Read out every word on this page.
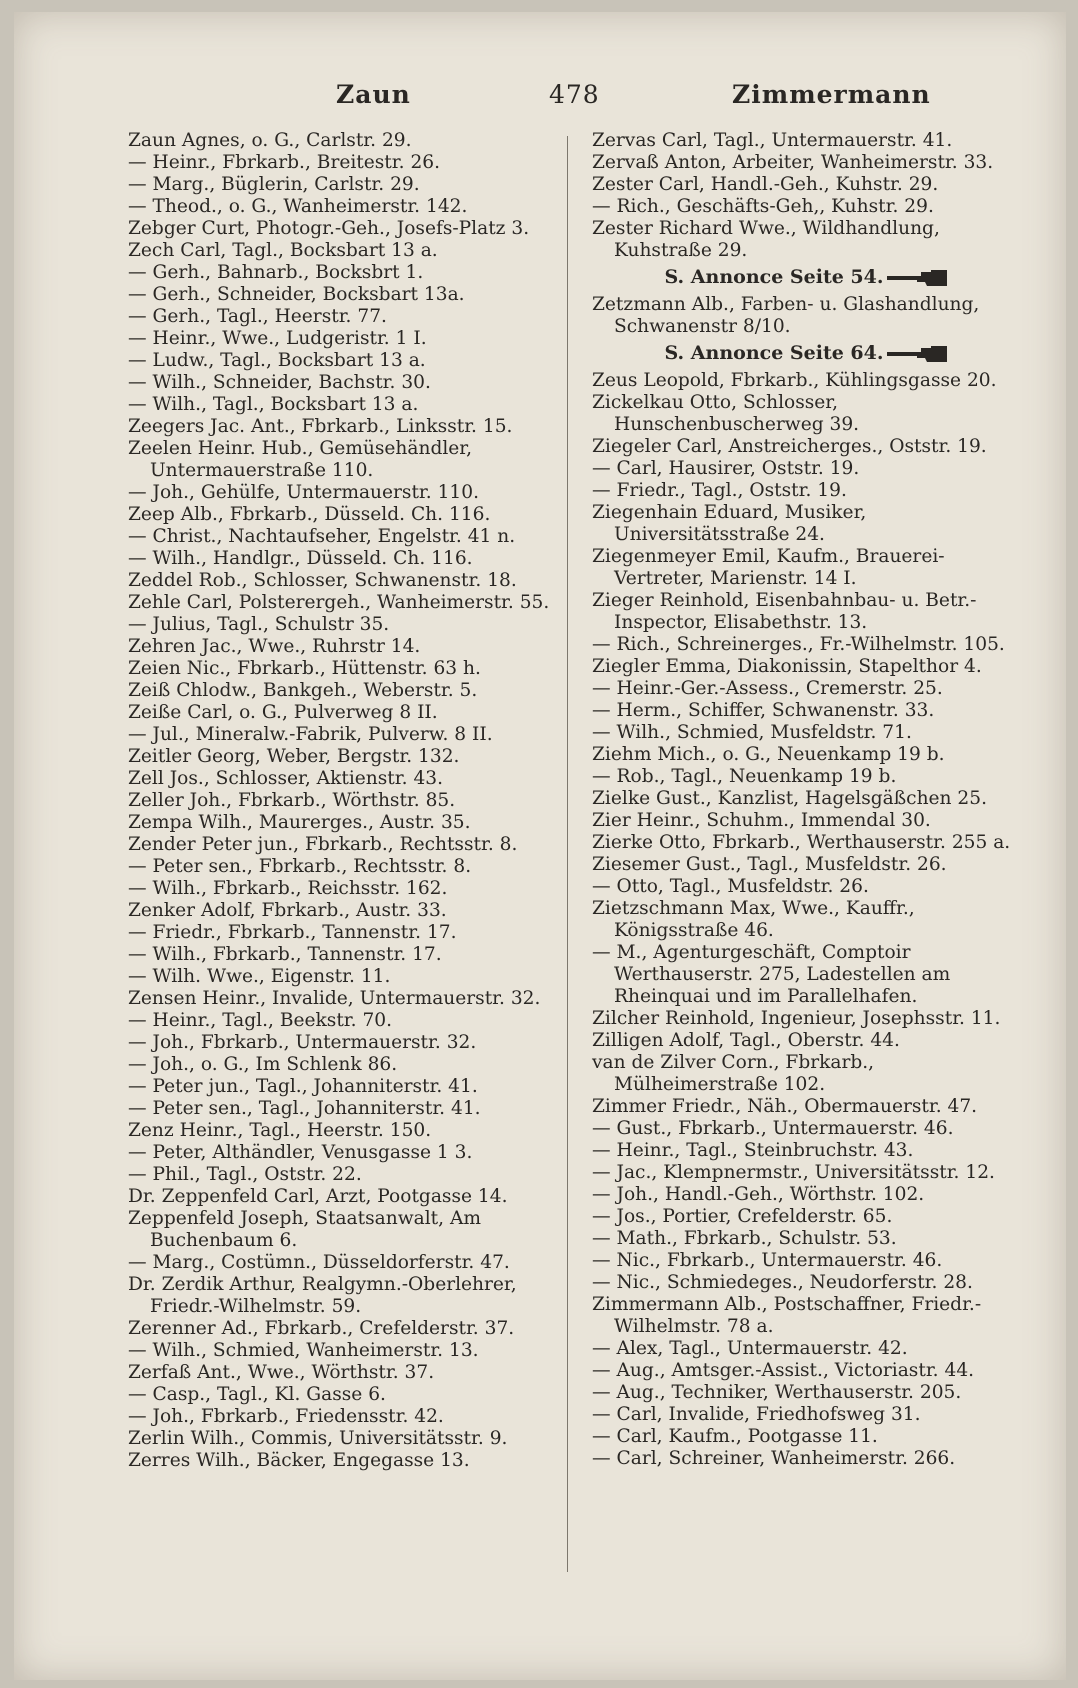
Zaun	478	Zimmermann
Zaun Agnes, o. G., Carlstr. 29.
— Heinr., Fbrkarb., Breitestr. 26.
— Marg., Büglerin, Carlstr. 29.
— Theod., o. G., Wanheimerstr. 142.
Zebger Curt, Photogr.-Geh., Josefs-Platz 3.
Zech Carl, Tagl., Bocksbart 13 a.
— Gerh., Bahnarb., Bocksbrt 1.
— Gerh., Schneider, Bocksbart 13a.
— Gerh., Tagl., Heerstr. 77.
— Heinr., Wwe., Ludgeristr. 1 I.
— Ludw., Tagl., Bocksbart 13 a.
— Wilh., Schneider, Bachstr. 30.
— Wilh., Tagl., Bocksbart 13 a.
Zeegers Jac. Ant., Fbrkarb., Linksstr. 15.
Zeelen Heinr. Hub., Gemüsehändler, Untermauerstraße 110.
— Joh., Gehülfe, Untermauerstr. 110.
Zeep Alb., Fbrkarb., Düsseld. Ch. 116.
— Christ., Nachtaufseher, Engelstr. 41 n.
— Wilh., Handlgr., Düsseld. Ch. 116.
Zeddel Rob., Schlosser, Schwanenstr. 18.
Zehle Carl, Polsterergeh., Wanheimerstr. 55.
— Julius, Tagl., Schulstr 35.
Zehren Jac., Wwe., Ruhrstr 14.
Zeien Nic., Fbrkarb., Hüttenstr. 63 h.
Zeiß Chlodw., Bankgeh., Weberstr. 5.
Zeiße Carl, o. G., Pulverweg 8 II.
— Jul., Mineralw.-Fabrik, Pulverw. 8 II.
Zeitler Georg, Weber, Bergstr. 132.
Zell Jos., Schlosser, Aktienstr. 43.
Zeller Joh., Fbrkarb., Wörthstr. 85.
Zempa Wilh., Maurerges., Austr. 35.
Zender Peter jun., Fbrkarb., Rechtsstr. 8.
— Peter sen., Fbrkarb., Rechtsstr. 8.
— Wilh., Fbrkarb., Reichsstr. 162.
Zenker Adolf, Fbrkarb., Austr. 33.
— Friedr., Fbrkarb., Tannenstr. 17.
— Wilh., Fbrkarb., Tannenstr. 17.
— Wilh. Wwe., Eigenstr. 11.
Zensen Heinr., Invalide, Untermauerstr. 32.
— Heinr., Tagl., Beekstr. 70.
— Joh., Fbrkarb., Untermauerstr. 32.
— Joh., o. G., Im Schlenk 86.
— Peter jun., Tagl., Johanniterstr. 41.
— Peter sen., Tagl., Johanniterstr. 41.
Zenz Heinr., Tagl., Heerstr. 150.
— Peter, Althändler, Venusgasse 1 3.
— Phil., Tagl., Oststr. 22.
Dr. Zeppenfeld Carl, Arzt, Pootgasse 14.
Zeppenfeld Joseph, Staatsanwalt, Am Buchenbaum 6.
— Marg., Costümn., Düsseldorferstr. 47.
Dr. Zerdik Arthur, Realgymn.-Oberlehrer, Friedr.-Wilhelmstr. 59.
Zerenner Ad., Fbrkarb., Crefelderstr. 37.
— Wilh., Schmied, Wanheimerstr. 13.
Zerfaß Ant., Wwe., Wörthstr. 37.
— Casp., Tagl., Kl. Gasse 6.
— Joh., Fbrkarb., Friedensstr. 42.
Zerlin Wilh., Commis, Universitätsstr. 9.
Zerres Wilh., Bäcker, Engegasse 13.
Zervas Carl, Tagl., Untermauerstr. 41.
Zervaß Anton, Arbeiter, Wanheimerstr. 33.
Zester Carl, Handl.-Geh., Kuhstr. 29.
— Rich., Geschäfts-Geh,, Kuhstr. 29.
Zester Richard Wwe., Wildhandlung, Kuhstraße 29.
S. Annonce Seite 54.
Zetzmann Alb., Farben- u. Glashandlung, Schwanenstr 8/10.
S. Annonce Seite 64.
Zeus Leopold, Fbrkarb., Kühlingsgasse 20.
Zickelkau Otto, Schlosser, Hunschenbuscherweg 39.
Ziegeler Carl, Anstreicherges., Oststr. 19.
— Carl, Hausirer, Oststr. 19.
— Friedr., Tagl., Oststr. 19.
Ziegenhain Eduard, Musiker, Universitätsstraße 24.
Ziegenmeyer Emil, Kaufm., Brauerei-Vertreter, Marienstr. 14 I.
Zieger Reinhold, Eisenbahnbau- u. Betr.-Inspector, Elisabethstr. 13.
— Rich., Schreinerges., Fr.-Wilhelmstr. 105.
Ziegler Emma, Diakonissin, Stapelthor 4.
— Heinr.-Ger.-Assess., Cremerstr. 25.
— Herm., Schiffer, Schwanenstr. 33.
— Wilh., Schmied, Musfeldstr. 71.
Ziehm Mich., o. G., Neuenkamp 19 b.
— Rob., Tagl., Neuenkamp 19 b.
Zielke Gust., Kanzlist, Hagelsgäßchen 25.
Zier Heinr., Schuhm., Immendal 30.
Zierke Otto, Fbrkarb., Werthauserstr. 255 a.
Ziesemer Gust., Tagl., Musfeldstr. 26.
— Otto, Tagl., Musfeldstr. 26.
Zietzschmann Max, Wwe., Kauffr., Königsstraße 46.
— M., Agenturgeschäft, Comptoir Werthauserstr. 275, Ladestellen am Rheinquai und im Parallelhafen.
Zilcher Reinhold, Ingenieur, Josephsstr. 11.
Zilligen Adolf, Tagl., Oberstr. 44.
van de Zilver Corn., Fbrkarb., Mülheimerstraße 102.
Zimmer Friedr., Näh., Obermauerstr. 47.
— Gust., Fbrkarb., Untermauerstr. 46.
— Heinr., Tagl., Steinbruchstr. 43.
— Jac., Klempnermstr., Universitätsstr. 12.
— Joh., Handl.-Geh., Wörthstr. 102.
— Jos., Portier, Crefelderstr. 65.
— Math., Fbrkarb., Schulstr. 53.
— Nic., Fbrkarb., Untermauerstr. 46.
— Nic., Schmiedeges., Neudorferstr. 28.
Zimmermann Alb., Postschaffner, Friedr.-Wilhelmstr. 78 a.
— Alex, Tagl., Untermauerstr. 42.
— Aug., Amtsger.-Assist., Victoriastr. 44.
— Aug., Techniker, Werthauserstr. 205.
— Carl, Invalide, Friedhofsweg 31.
— Carl, Kaufm., Pootgasse 11.
— Carl, Schreiner, Wanheimerstr. 266.
